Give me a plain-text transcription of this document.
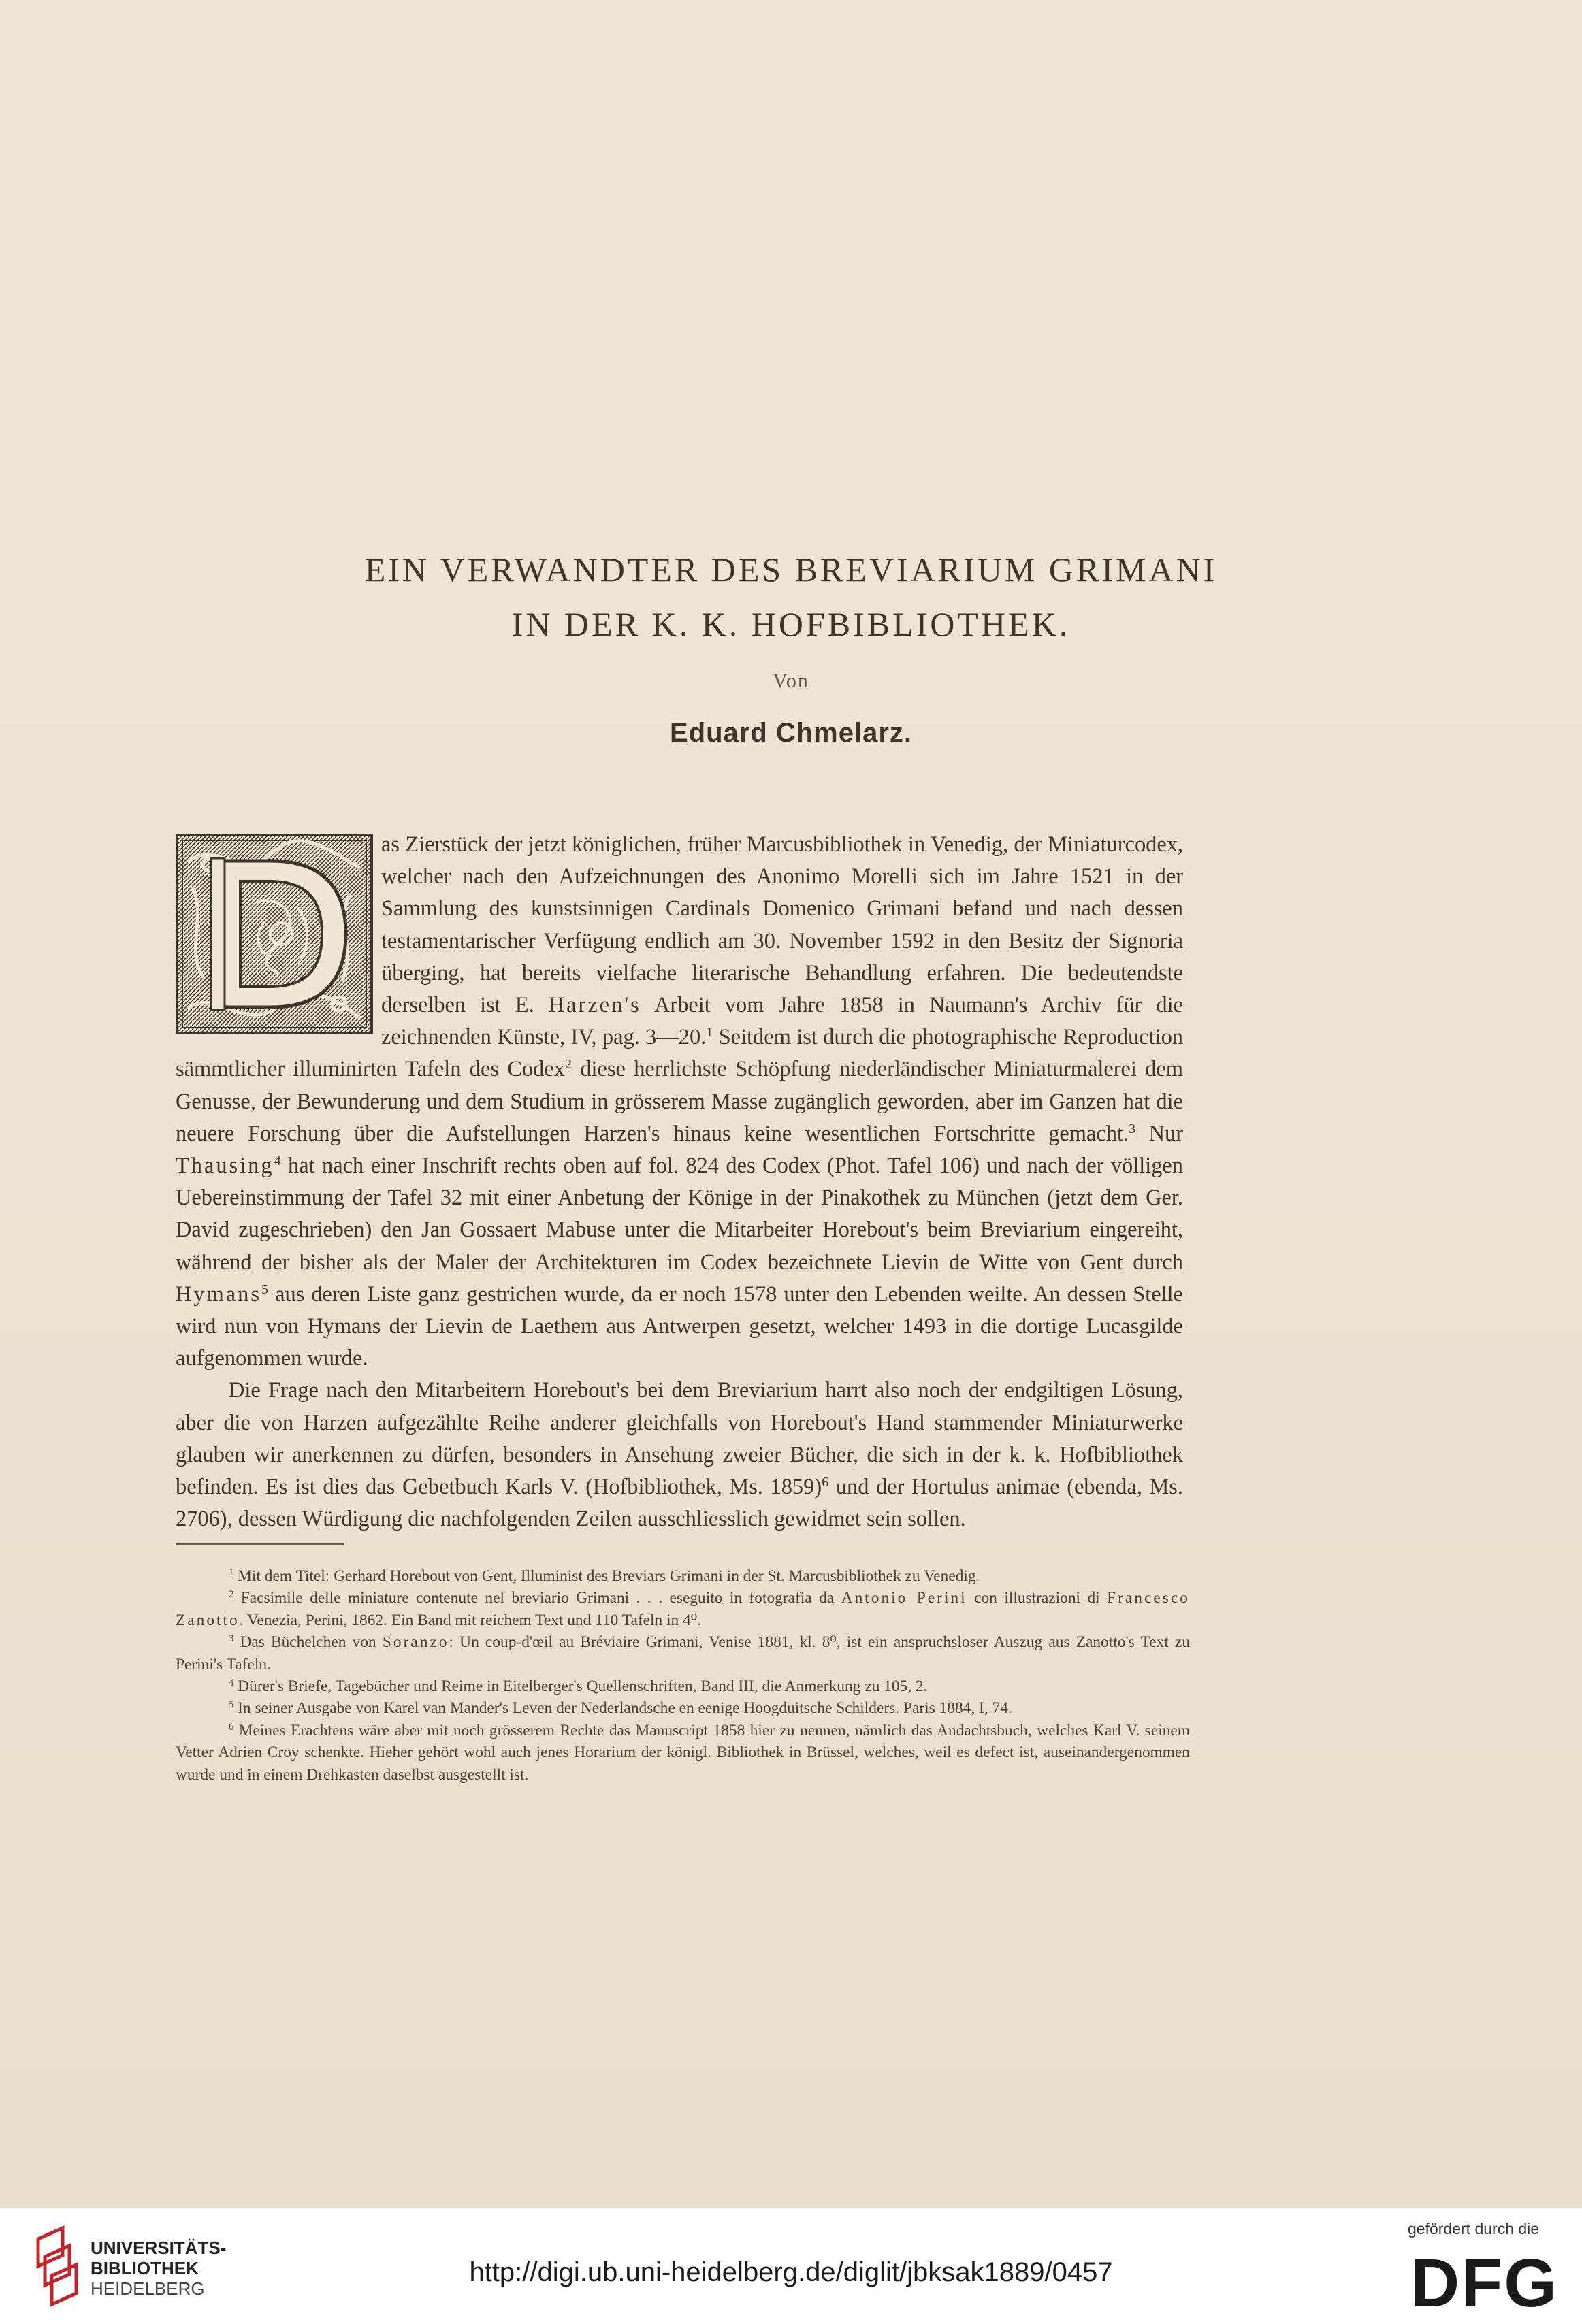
EIN VERWANDTER DES BREVIARIUM GRIMANI
IN DER K. K. HOFBIBLIOTHEK.
Von
Eduard Chmelarz.

as Zierstück der jetzt königlichen, früher Marcusbibliothek in Venedig, der Miniaturcodex, welcher nach den Aufzeichnungen des Anonimo Morelli sich im Jahre 1521 in der Sammlung des kunstsinnigen Cardinals Domenico Grimani befand und nach dessen testamentarischer Verfügung endlich am 30. November 1592 in den Besitz der Signoria überging, hat bereits vielfache literarische Behandlung erfahren. Die bedeutendste derselben ist E. Harzen's Arbeit vom Jahre 1858 in Naumann's Archiv für die zeichnenden Künste, IV, pag. 3—20.$^1$ Seitdem ist durch die photographische Reproduction sämmtlicher illuminirten Tafeln des Codex$^2$ diese herrlichste Schöpfung niederländischer Miniaturmalerei dem Genusse, der Bewunderung und dem Studium in grösserem Masse zugänglich geworden, aber im Ganzen hat die neuere Forschung über die Aufstellungen Harzen's hinaus keine wesentlichen Fortschritte gemacht.$^3$ Nur Thausing$^4$ hat nach einer Inschrift rechts oben auf fol. 824 des Codex (Phot. Tafel 106) und nach der völligen Uebereinstimmung der Tafel 32 mit einer Anbetung der Könige in der Pinakothek zu München (jetzt dem Ger. David zugeschrieben) den Jan Gossaert Mabuse unter die Mitarbeiter Horebout's beim Breviarium eingereiht, während der bisher als der Maler der Architekturen im Codex bezeichnete Lievin de Witte von Gent durch Hymans$^5$ aus deren Liste ganz gestrichen wurde, da er noch 1578 unter den Lebenden weilte. An dessen Stelle wird nun von Hymans der Lievin de Laethem aus Antwerpen gesetzt, welcher 1493 in die dortige Lucasgilde aufgenommen wurde.

Die Frage nach den Mitarbeitern Horebout's bei dem Breviarium harrt also noch der endgiltigen Lösung, aber die von Harzen aufgezählte Reihe anderer gleichfalls von Horebout's Hand stammender Miniaturwerke glauben wir anerkennen zu dürfen, besonders in Ansehung zweier Bücher, die sich in der k. k. Hofbibliothek befinden. Es ist dies das Gebetbuch Karls V. (Hofbibliothek, Ms. 1859)$^6$ und der Hortulus animae (ebenda, Ms. 2706), dessen Würdigung die nachfolgenden Zeilen ausschliesslich gewidmet sein sollen.

$^1$ Mit dem Titel: Gerhard Horebout von Gent, Illuminist des Breviars Grimani in der St. Marcusbibliothek zu Venedig.

$^2$ Facsimile delle miniature contenute nel breviario Grimani . . . eseguito in fotografia da Antonio Perini con illustrazioni di Francesco Zanotto. Venezia, Perini, 1862. Ein Band mit reichem Text und 110 Tafeln in 4⁰.

$^3$ Das Büchelchen von Soranzo: Un coup-d'œil au Bréviaire Grimani, Venise 1881, kl. 8⁰, ist ein anspruchsloser Auszug aus Zanotto's Text zu Perini's Tafeln.

$^4$ Dürer's Briefe, Tagebücher und Reime in Eitelberger's Quellenschriften, Band III, die Anmerkung zu 105, 2.

$^5$ In seiner Ausgabe von Karel van Mander's Leven der Nederlandsche en eenige Hoogduitsche Schilders. Paris 1884, I, 74.

$^6$ Meines Erachtens wäre aber mit noch grösserem Rechte das Manuscript 1858 hier zu nennen, nämlich das Andachtsbuch, welches Karl V. seinem Vetter Adrien Croy schenkte. Hieher gehört wohl auch jenes Horarium der königl. Bibliothek in Brüssel, welches, weil es defect ist, auseinandergenommen wurde und in einem Drehkasten daselbst ausgestellt ist.

UNIVERSITÄTS-
BIBLIOTHEK
HEIDELBERG
http://digi.ub.uni-heidelberg.de/diglit/jbksak1889/0457
gefördert durch die
DFG
